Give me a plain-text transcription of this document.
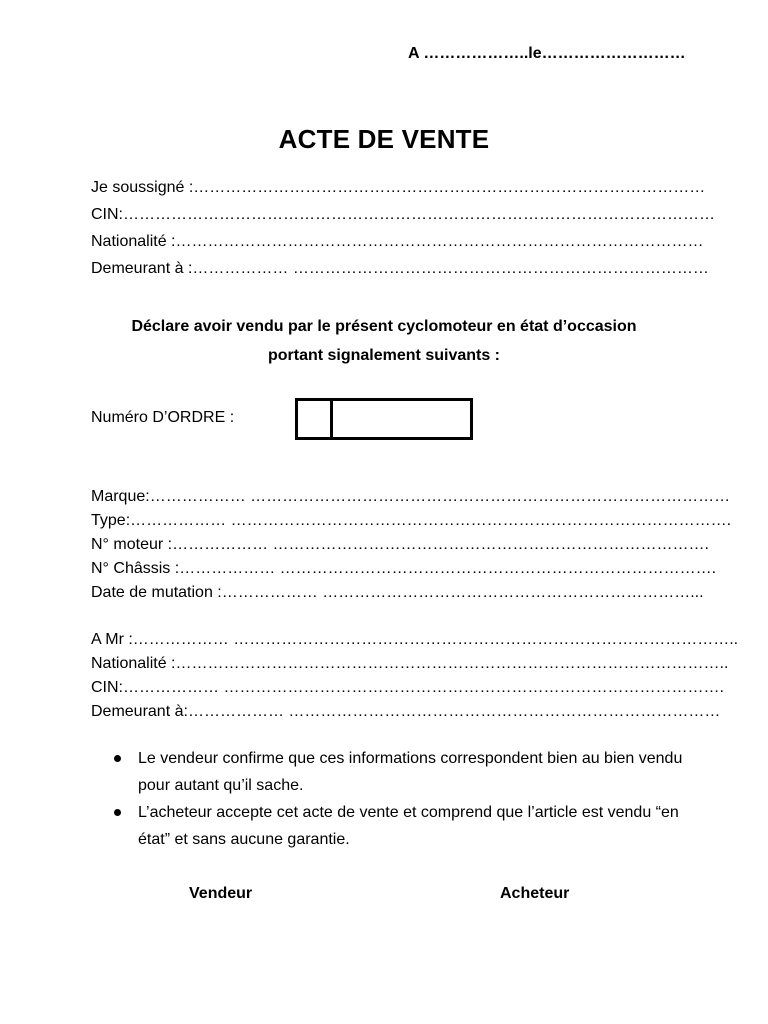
A ………………..le………………………
ACTE DE VENTE
Je soussigné :……………………………………………………………………………………
CIN:…………………………………………………………………………………………………
Nationalité :………………………………………………………………………………………
Demeurant à :……………… ……………………………………………………………………
Déclare avoir vendu par le présent cyclomoteur en état d’occasion
portant signalement suivants :
Numéro D’ORDRE :
Marque:……………… ………………………………………………………………………………
Type:……………… ………………………………………………………………………………….
N° moteur :……………… ……………………………………………………………………….
N° Châssis :……………… ……………………………………………………………………….
Date de mutation :……………… ……………………………………………………………...
A Mr :……………… …………………………………………………………………………………..
Nationalité :…………………………………………………………………………………………..
CIN:……………… ………………………………………………………………………………….
Demeurant à:……………… ………………………………………………………………………
Le vendeur confirme que ces informations correspondent bien au bien vendu pour autant qu’il sache.
L’acheteur accepte cet acte de vente et comprend que l’article est vendu “en état” et sans aucune garantie.
Vendeur	Acheteur
